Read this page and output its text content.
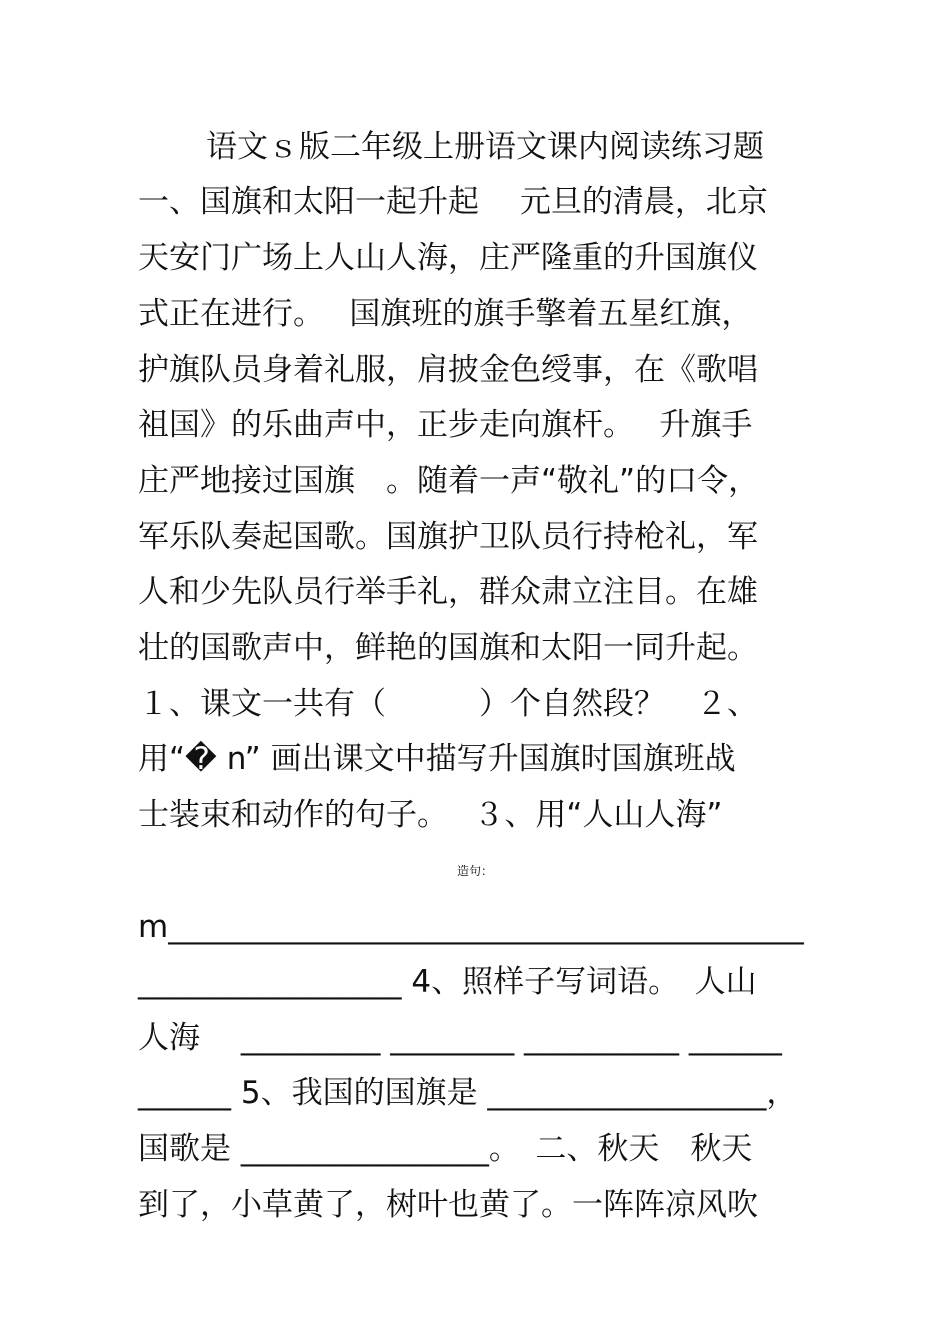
语文ｓ版二年级上册语文课内阅读练习题
一、国旗和太阳一起升起　 元旦的清晨，北京
天安门广场上人山人海，庄严隆重的升国旗仪
式正在进行。　 国旗班的旗手擎着五星红旗，
护旗队员身着礼服，肩披金色绶事，在《歌唱
祖国》的乐曲声中，正步走向旗杆。　 升旗手
庄严地接过国旗　。随着一声“敬礼”的口令，
军乐队奏起国歌。国旗护卫队员行持枪礼，军
人和少先队员行举手礼，群众肃立注目。在雄
壮的国歌声中，鲜艳的国旗和太阳一同升起。
１、课文一共有（　　　）个自然段？　２、
用“� n” 画出课文中描写升国旗时国旗班战
士装束和动作的句子。　 ３、用“人山人海”
造句：
m_________________________________________
_________________ 4、照样子写词语。　人山
人海　 _________ ________ __________ ______
______ 5、我国的国旗是 __________________，
国歌是 ________________。　二、秋天　秋天
到了，小草黄了，树叶也黄了。一阵阵凉风吹
